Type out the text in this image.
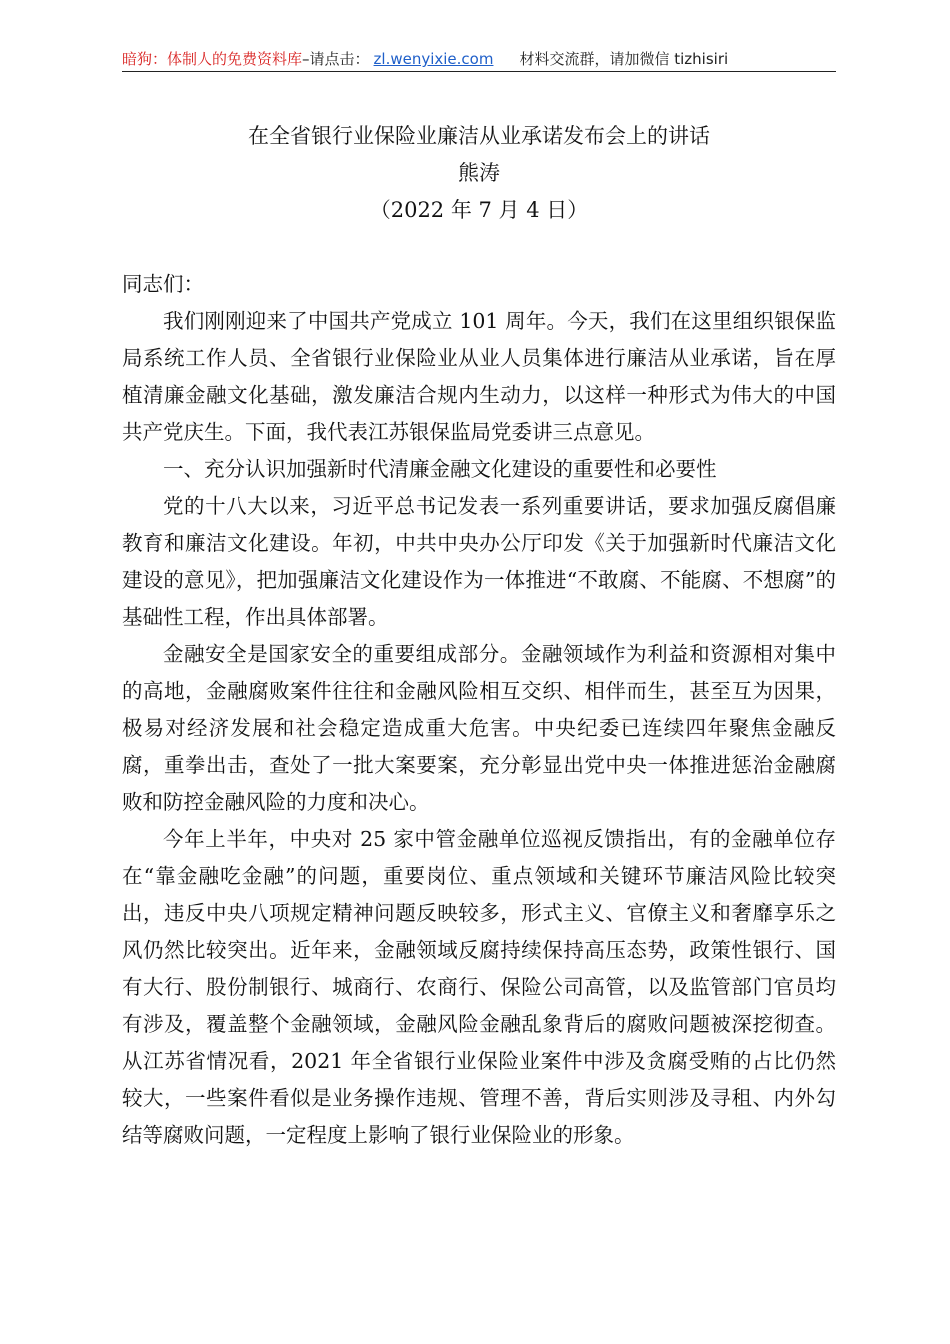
暗狗：体制人的免费资料库–请点击： zl.wenyixie.com 材料交流群，请加微信 tizhisiri
在全省银行业保险业廉洁从业承诺发布会上的讲话
熊涛
（2022 年 7 月 4 日）

同志们：

我们刚刚迎来了中国共产党成立 101 周年。今天，我们在这里组织银保监局系统工作人员、全省银行业保险业从业人员集体进行廉洁从业承诺，旨在厚植清廉金融文化基础，激发廉洁合规内生动力，以这样一种形式为伟大的中国共产党庆生。下面，我代表江苏银保监局党委讲三点意见。

一、充分认识加强新时代清廉金融文化建设的重要性和必要性

党的十八大以来，习近平总书记发表一系列重要讲话，要求加强反腐倡廉教育和廉洁文化建设。年初，中共中央办公厅印发《关于加强新时代廉洁文化建设的意见》，把加强廉洁文化建设作为一体推进“不敢腐、不能腐、不想腐”的基础性工程，作出具体部署。

金融安全是国家安全的重要组成部分。金融领域作为利益和资源相对集中的高地，金融腐败案件往往和金融风险相互交织、相伴而生，甚至互为因果，极易对经济发展和社会稳定造成重大危害。中央纪委已连续四年聚焦金融反腐，重拳出击，查处了一批大案要案，充分彰显出党中央一体推进惩治金融腐败和防控金融风险的力度和决心。

今年上半年，中央对 25 家中管金融单位巡视反馈指出，有的金融单位存在“靠金融吃金融”的问题，重要岗位、重点领域和关键环节廉洁风险比较突出，违反中央八项规定精神问题反映较多，形式主义、官僚主义和奢靡享乐之风仍然比较突出。近年来，金融领域反腐持续保持高压态势，政策性银行、国有大行、股份制银行、城商行、农商行、保险公司高管，以及监管部门官员均有涉及，覆盖整个金融领域，金融风险金融乱象背后的腐败问题被深挖彻查。从江苏省情况看，2021 年全省银行业保险业案件中涉及贪腐受贿的占比仍然较大，一些案件看似是业务操作违规、管理不善，背后实则涉及寻租、内外勾结等腐败问题，一定程度上影响了银行业保险业的形象。
